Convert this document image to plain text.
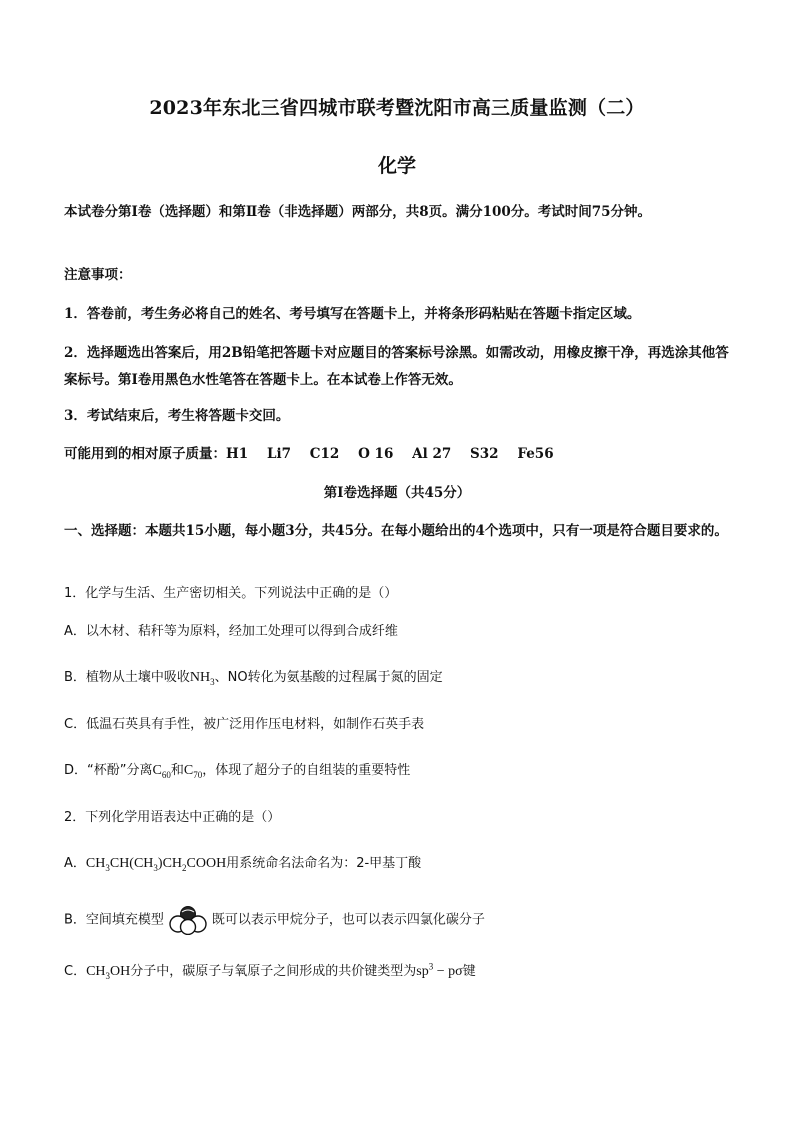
2023年东北三省四城市联考暨沈阳市高三质量监测（二）
化学
本试卷分第Ⅰ卷（选择题）和第Ⅱ卷（非选择题）两部分，共8页。满分100分。考试时间75分钟。
注意事项：
1．答卷前，考生务必将自己的姓名、考号填写在答题卡上，并将条形码粘贴在答题卡指定区域。
2．选择题选出答案后，用2B铅笔把答题卡对应题目的答案标号涂黑。如需改动，用橡皮擦干净，再选涂其他答案标号。第Ⅰ卷用黑色水性笔答在答题卡上。在本试卷上作答无效。
3．考试结束后，考生将答题卡交回。
可能用到的相对原子质量：H1    Li7    C12    O 16    Al 27    S32    Fe56
第Ⅰ卷选择题（共45分）
一、选择题：本题共15小题，每小题3分，共45分。在每小题给出的4个选项中，只有一项是符合题目要求的。
1．化学与生活、生产密切相关。下列说法中正确的是（）
A．以木材、秸秆等为原料，经加工处理可以得到合成纤维
B．植物从土壤中吸收$NH_3$、NO转化为氨基酸的过程属于氮的固定
C．低温石英具有手性，被广泛用作压电材料，如制作石英手表
D．“杯酚”分离$C_{60}$和$C_{70}$，体现了超分子的自组装的重要特性
2．下列化学用语表达中正确的是（）
A．$CH_3CH(CH_3)CH_2COOH$用系统命名法命名为：2-甲基丁酸
B．空间填充模型	既可以表示甲烷分子，也可以表示四氯化碳分子
C．$CH_3OH$分子中，碳原子与氧原子之间形成的共价键类型为$sp^3 - p\sigma$键
